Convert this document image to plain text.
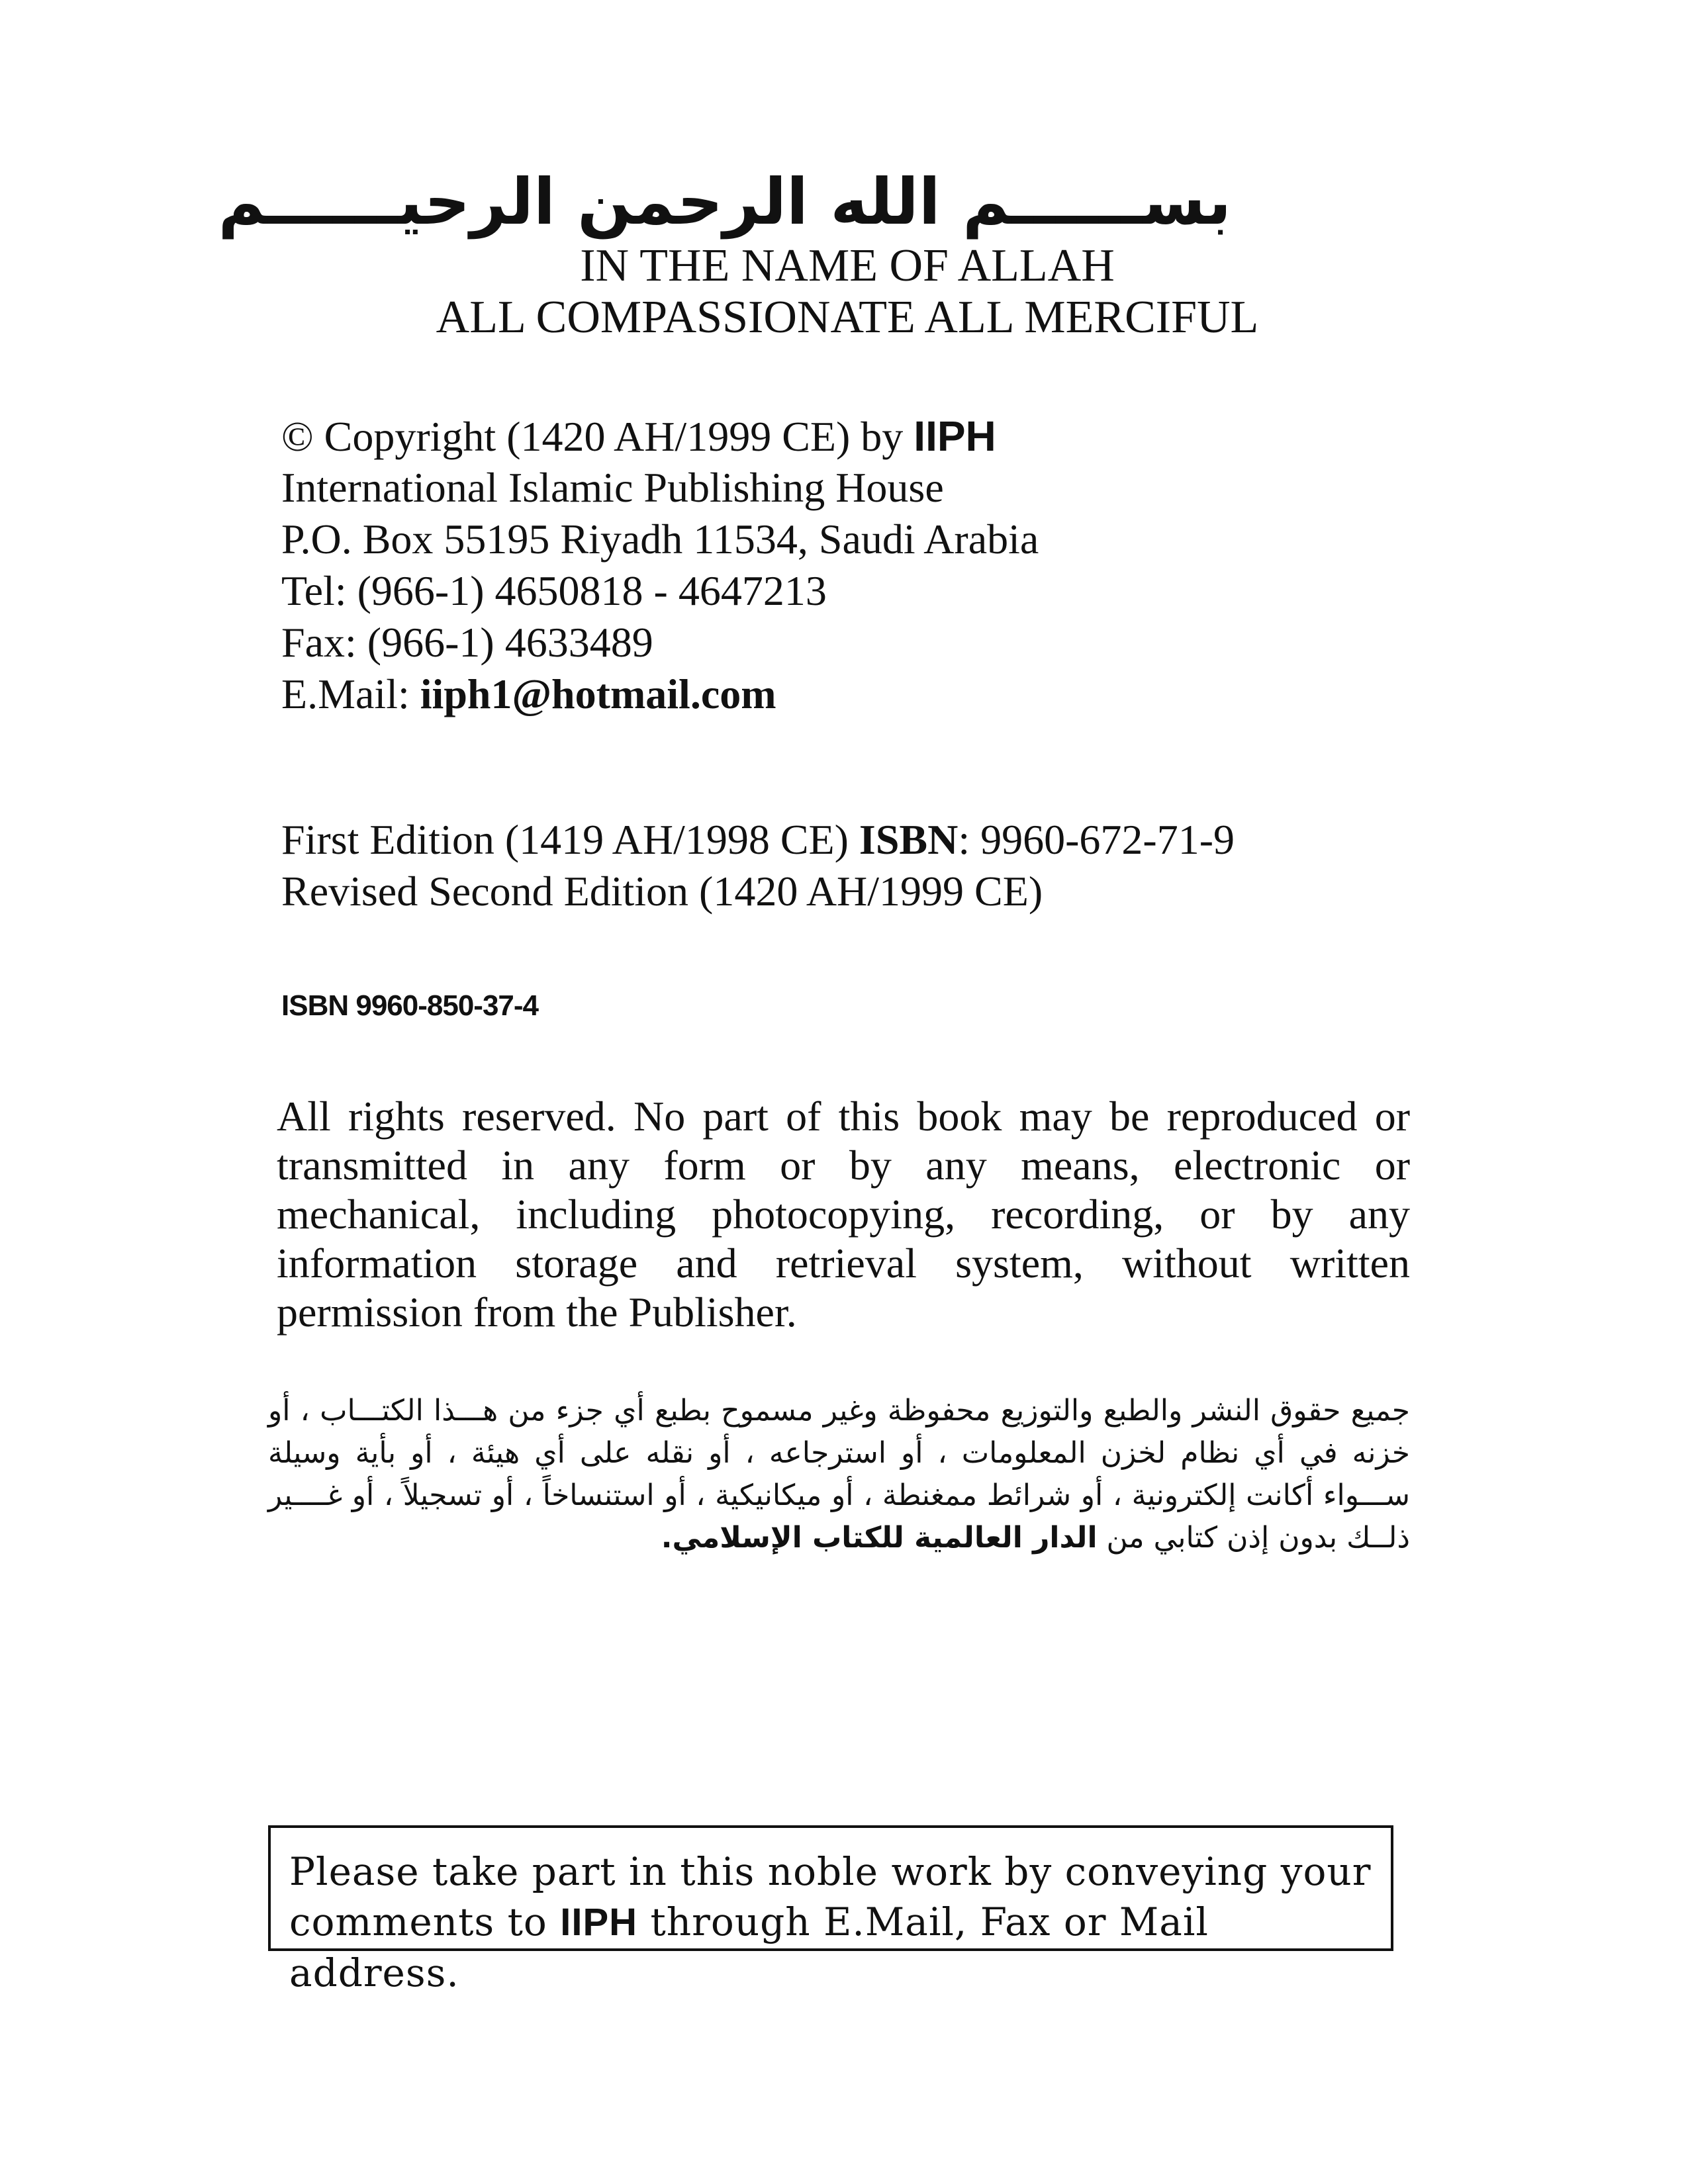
بســــــم الله الرحمن الرحيــــــم
IN THE NAME OF ALLAH
ALL COMPASSIONATE ALL MERCIFUL
© Copyright (1420 AH/1999 CE) by IIPH
International Islamic Publishing House
P.O. Box 55195 Riyadh 11534, Saudi Arabia
Tel: (966-1) 4650818 - 4647213
Fax: (966-1) 4633489
E.Mail: iiph1@hotmail.com
First Edition (1419 AH/1998 CE) ISBN: 9960-672-71-9
Revised Second Edition (1420 AH/1999 CE)
ISBN 9960-850-37-4
All rights reserved. No part of this book may be reproduced or transmitted in any form or by any means, electronic or mechanical, including photocopying, recording, or by any information storage and retrieval system, without written permission from the Publisher.
جميع حقوق النشر والطبع والتوزيع محفوظة وغير مسموح بطبع أي جزء من هـــذا الكتـــاب ، أو خزنه في أي نظام لخزن المعلومات ، أو استرجاعه ، أو نقله على أي هيئة ، أو بأية وسيلة ســـواء أكانت إلكترونية ، أو شرائط ممغنطة ، أو ميكانيكية ، أو استنساخاً ، أو تسجيلاً ، أو غــــير ذلــك بدون إذن كتابي من الدار العالمية للكتاب الإسلامي.
Please take part in this noble work by conveying your
comments to IIPH through E.Mail, Fax or Mail address.
